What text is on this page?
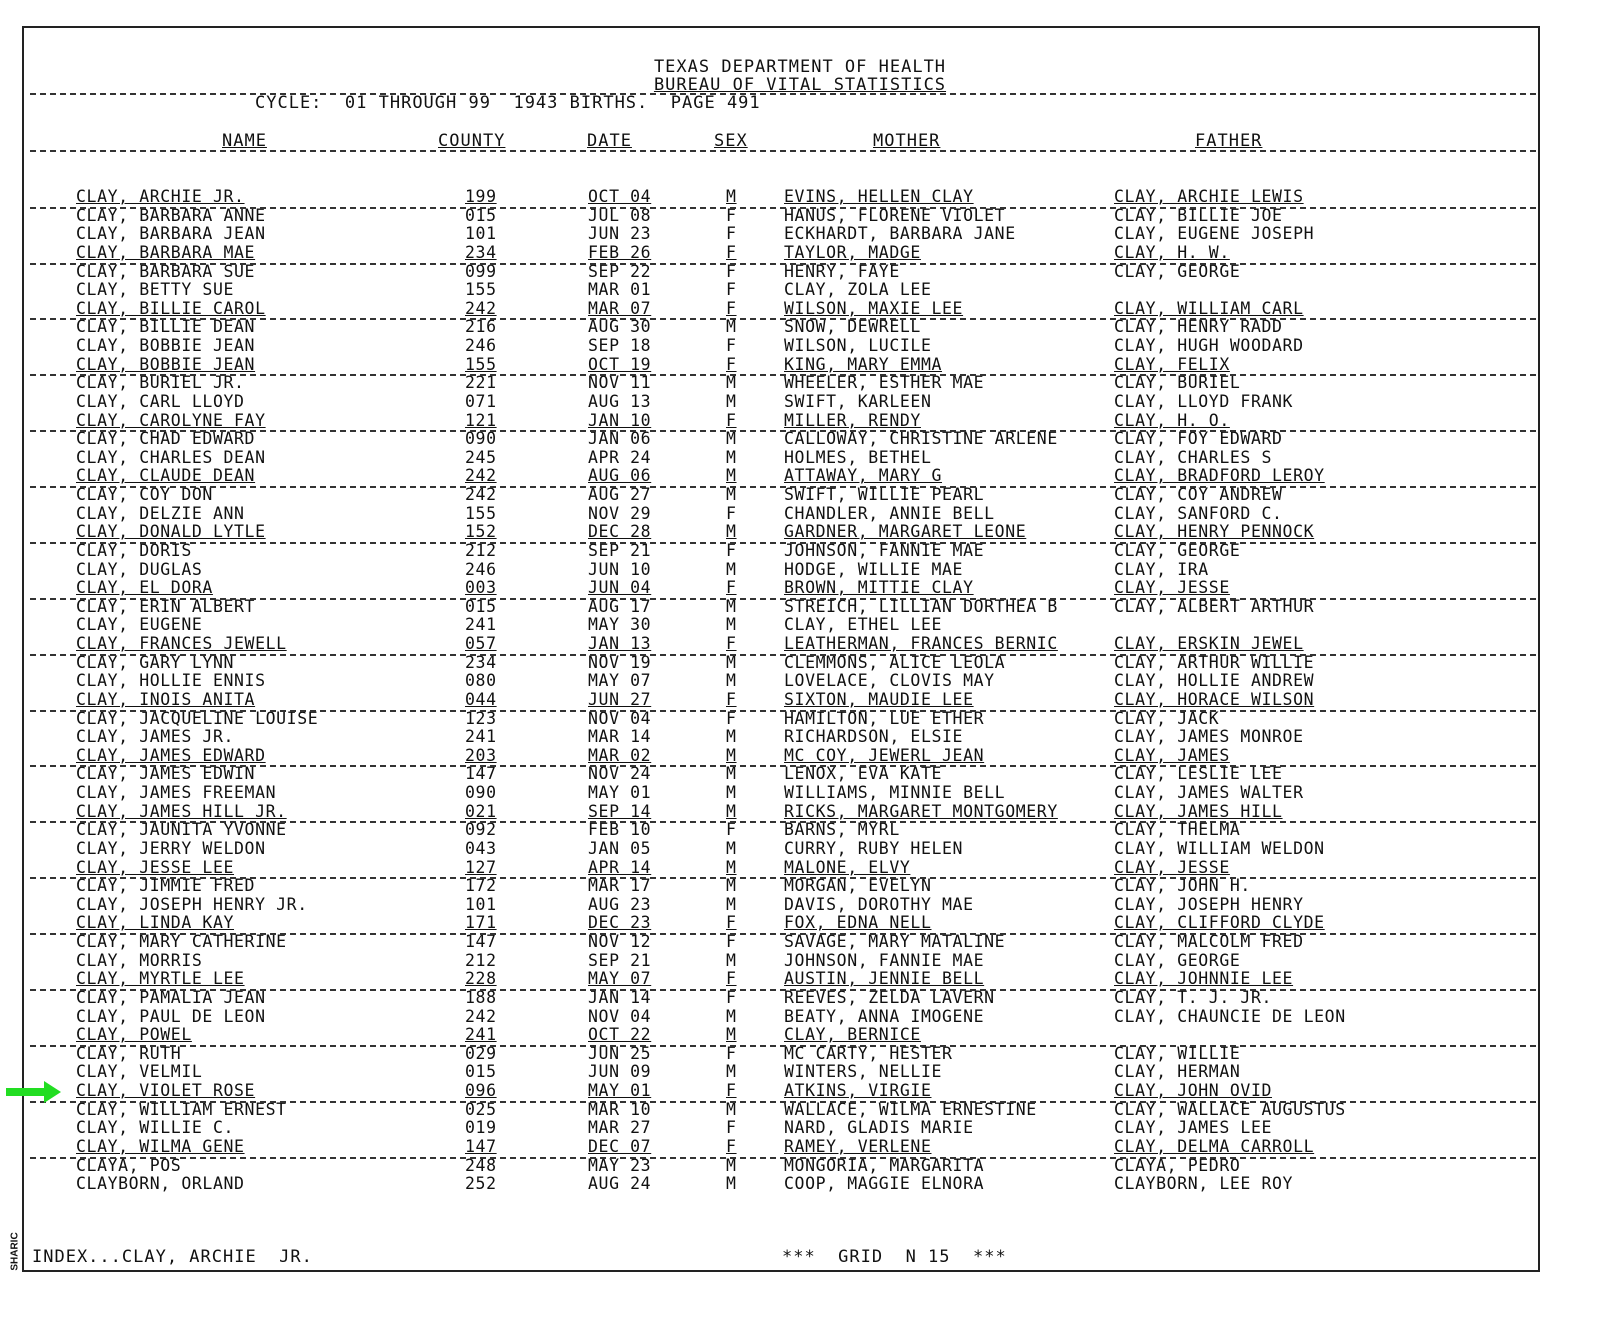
TEXAS DEPARTMENT OF HEALTH
BUREAU OF VITAL STATISTICS
CYCLE: 01 THROUGH 99 1943 BIRTHS. PAGE 491
NAME	COUNTY	DATE	SEX	MOTHER	FATHER
CLAY, ARCHIE JR.	199	OCT 04	M	EVINS, HELLEN CLAY	CLAY, ARCHIE LEWIS
CLAY, BARBARA ANNE	015	JUL 08	F	HANUS, FLORENE VIOLET	CLAY, BILLIE JOE
CLAY, BARBARA JEAN	101	JUN 23	F	ECKHARDT, BARBARA JANE	CLAY, EUGENE JOSEPH
CLAY, BARBARA MAE	234	FEB 26	F	TAYLOR, MADGE	CLAY, H. W.
CLAY, BARBARA SUE	099	SEP 22	F	HENRY, FAYE	CLAY, GEORGE
CLAY, BETTY SUE	155	MAR 01	F	CLAY, ZOLA LEE
CLAY, BILLIE CAROL	242	MAR 07	F	WILSON, MAXIE LEE	CLAY, WILLIAM CARL
CLAY, BILLIE DEAN	216	AUG 30	M	SNOW, DEWRELL	CLAY, HENRY RADD
CLAY, BOBBIE JEAN	246	SEP 18	F	WILSON, LUCILE	CLAY, HUGH WOODARD
CLAY, BOBBIE JEAN	155	OCT 19	F	KING, MARY EMMA	CLAY, FELIX
CLAY, BURIEL JR.	221	NOV 11	M	WHEELER, ESTHER MAE	CLAY, BURIEL
CLAY, CARL LLOYD	071	AUG 13	M	SWIFT, KARLEEN	CLAY, LLOYD FRANK
CLAY, CAROLYNE FAY	121	JAN 10	F	MILLER, RENDY	CLAY, H. O.
CLAY, CHAD EDWARD	090	JAN 06	M	CALLOWAY, CHRISTINE ARLENE	CLAY, FOY EDWARD
CLAY, CHARLES DEAN	245	APR 24	M	HOLMES, BETHEL	CLAY, CHARLES S
CLAY, CLAUDE DEAN	242	AUG 06	M	ATTAWAY, MARY G	CLAY, BRADFORD LEROY
CLAY, COY DON	242	AUG 27	M	SWIFT, WILLIE PEARL	CLAY, COY ANDREW
CLAY, DELZIE ANN	155	NOV 29	F	CHANDLER, ANNIE BELL	CLAY, SANFORD C.
CLAY, DONALD LYTLE	152	DEC 28	M	GARDNER, MARGARET LEONE	CLAY, HENRY PENNOCK
CLAY, DORIS	212	SEP 21	F	JOHNSON, FANNIE MAE	CLAY, GEORGE
CLAY, DUGLAS	246	JUN 10	M	HODGE, WILLIE MAE	CLAY, IRA
CLAY, EL DORA	003	JUN 04	F	BROWN, MITTIE CLAY	CLAY, JESSE
CLAY, ERIN ALBERT	015	AUG 17	M	STREICH, LILLIAN DORTHEA B	CLAY, ALBERT ARTHUR
CLAY, EUGENE	241	MAY 30	M	CLAY, ETHEL LEE
CLAY, FRANCES JEWELL	057	JAN 13	F	LEATHERMAN, FRANCES BERNIC	CLAY, ERSKIN JEWEL
CLAY, GARY LYNN	234	NOV 19	M	CLEMMONS, ALICE LEOLA	CLAY, ARTHUR WILLIE
CLAY, HOLLIE ENNIS	080	MAY 07	M	LOVELACE, CLOVIS MAY	CLAY, HOLLIE ANDREW
CLAY, INOIS ANITA	044	JUN 27	F	SIXTON, MAUDIE LEE	CLAY, HORACE WILSON
CLAY, JACQUELINE LOUISE	123	NOV 04	F	HAMILTON, LUE ETHER	CLAY, JACK
CLAY, JAMES JR.	241	MAR 14	M	RICHARDSON, ELSIE	CLAY, JAMES MONROE
CLAY, JAMES EDWARD	203	MAR 02	M	MC COY, JEWERL JEAN	CLAY, JAMES
CLAY, JAMES EDWIN	147	NOV 24	M	LENOX, EVA KATE	CLAY, LESLIE LEE
CLAY, JAMES FREEMAN	090	MAY 01	M	WILLIAMS, MINNIE BELL	CLAY, JAMES WALTER
CLAY, JAMES HILL JR.	021	SEP 14	M	RICKS, MARGARET MONTGOMERY	CLAY, JAMES HILL
CLAY, JAUNITA YVONNE	092	FEB 10	F	BARNS, MYRL	CLAY, THELMA
CLAY, JERRY WELDON	043	JAN 05	M	CURRY, RUBY HELEN	CLAY, WILLIAM WELDON
CLAY, JESSE LEE	127	APR 14	M	MALONE, ELVY	CLAY, JESSE
CLAY, JIMMIE FRED	172	MAR 17	M	MORGAN, EVELYN	CLAY, JOHN H.
CLAY, JOSEPH HENRY JR.	101	AUG 23	M	DAVIS, DOROTHY MAE	CLAY, JOSEPH HENRY
CLAY, LINDA KAY	171	DEC 23	F	FOX, EDNA NELL	CLAY, CLIFFORD CLYDE
CLAY, MARY CATHERINE	147	NOV 12	F	SAVAGE, MARY MATALINE	CLAY, MALCOLM FRED
CLAY, MORRIS	212	SEP 21	M	JOHNSON, FANNIE MAE	CLAY, GEORGE
CLAY, MYRTLE LEE	228	MAY 07	F	AUSTIN, JENNIE BELL	CLAY, JOHNNIE LEE
CLAY, PAMALIA JEAN	188	JAN 14	F	REEVES, ZELDA LAVERN	CLAY, T. J. JR.
CLAY, PAUL DE LEON	242	NOV 04	M	BEATY, ANNA IMOGENE	CLAY, CHAUNCIE DE LEON
CLAY, POWEL	241	OCT 22	M	CLAY, BERNICE
CLAY, RUTH	029	JUN 25	F	MC CARTY, HESTER	CLAY, WILLIE
CLAY, VELMIL	015	JUN 09	M	WINTERS, NELLIE	CLAY, HERMAN
CLAY, VIOLET ROSE	096	MAY 01	F	ATKINS, VIRGIE	CLAY, JOHN OVID
CLAY, WILLIAM ERNEST	025	MAR 10	M	WALLACE, WILMA ERNESTINE	CLAY, WALLACE AUGUSTUS
CLAY, WILLIE C.	019	MAR 27	F	NARD, GLADIS MARIE	CLAY, JAMES LEE
CLAY, WILMA GENE	147	DEC 07	F	RAMEY, VERLENE	CLAY, DELMA CARROLL
CLAYA, POS	248	MAY 23	M	MONGORIA, MARGARITA	CLAYA, PEDRO
CLAYBORN, ORLAND	252	AUG 24	M	COOP, MAGGIE ELNORA	CLAYBORN, LEE ROY
INDEX...CLAY, ARCHIE  JR.	***  GRID  N 15  ***
SHARIC
